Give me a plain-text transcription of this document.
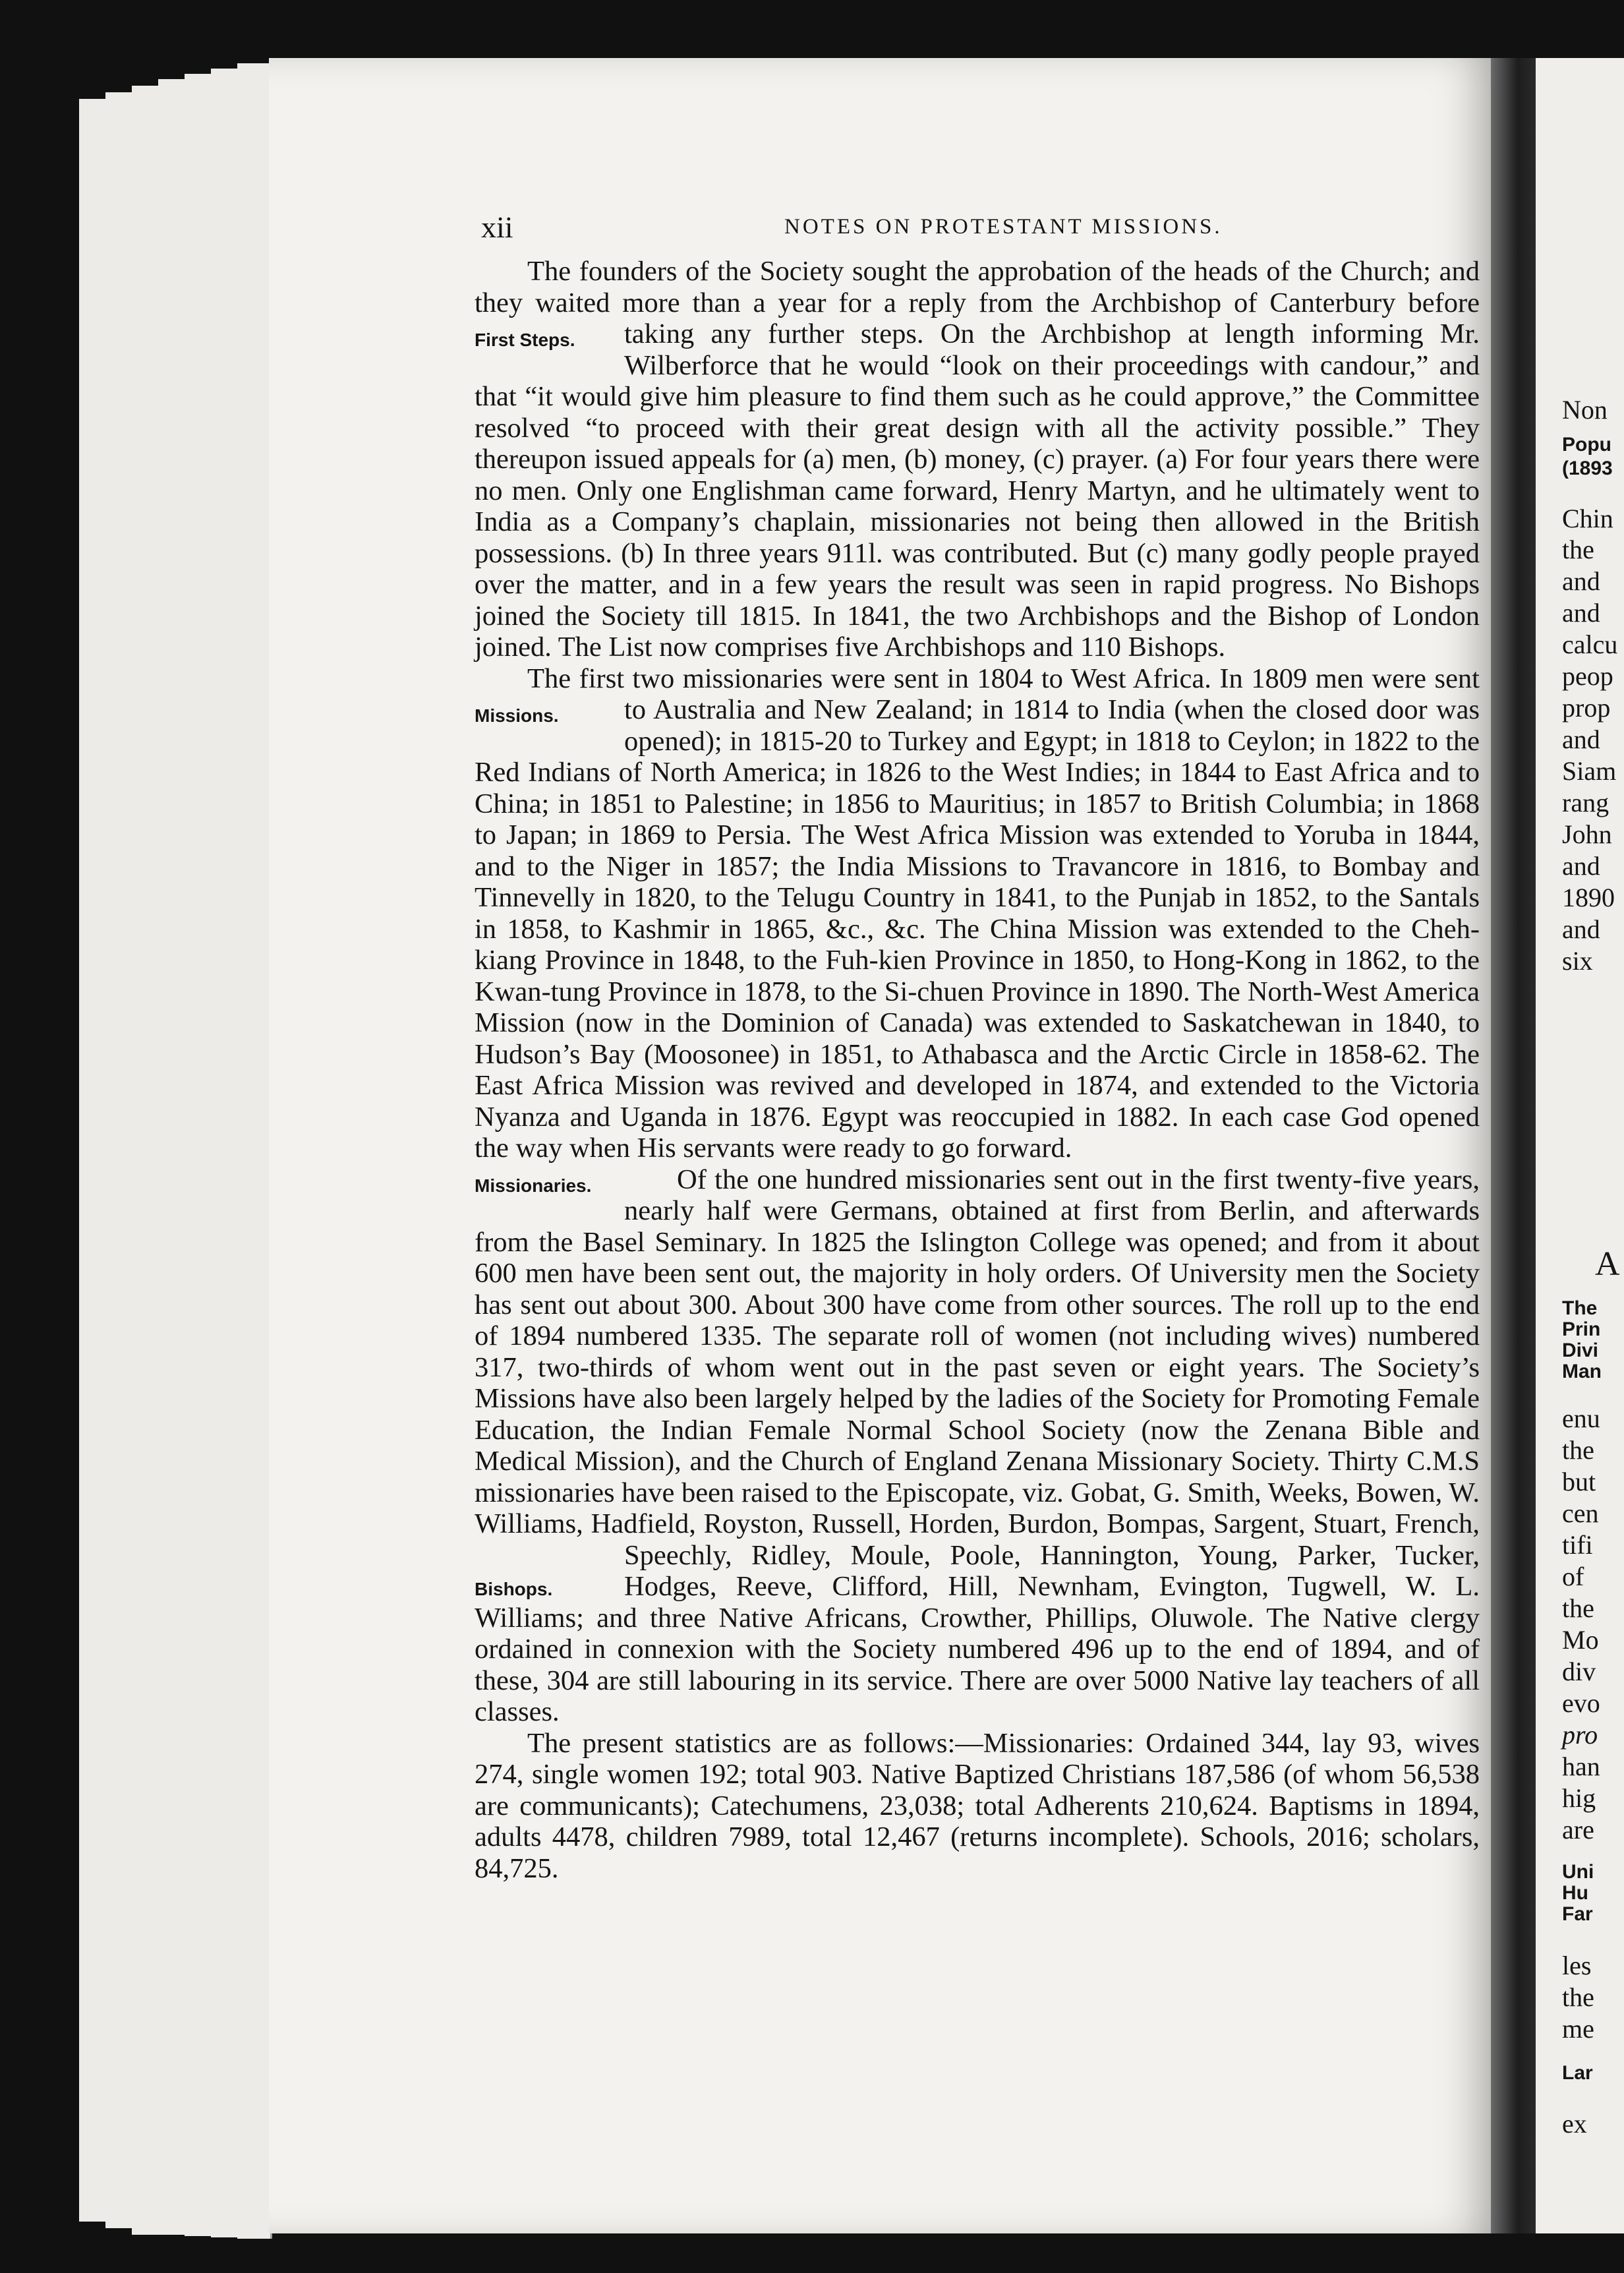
xii	NOTES ON PROTESTANT MISSIONS.

The founders of the Society sought the approbation of the heads of the Church; and they waited more than a year for a reply from the Archbishop of Canterbury before taking any further steps. On the Archbishop at length
First Steps.	informing Mr. Wilberforce that he would “look on their proceedings with candour,” and that “it would give him pleasure to find them such as he could approve,” the Committee resolved “to proceed with their great design with all the activity possible.” They thereupon issued appeals for (a) men, (b) money, (c) prayer. (a) For four years there were no men. Only one Englishman came forward, Henry Martyn, and he ultimately went to India as a Company’s chaplain, missionaries not being then allowed in the British possessions. (b) In three years 911l. was contributed. But (c) many godly people prayed over the matter, and in a few years the result was seen in rapid progress. No Bishops joined the Society till 1815. In 1841, the two Archbishops and the Bishop of London joined. The List now comprises five Archbishops and 110 Bishops.

The first two missionaries were sent in 1804 to West Africa. In 1809 men
Missions.
were sent to Australia and New Zealand; in 1814 to India (when the closed door was opened); in 1815-20 to Turkey and Egypt; in 1818 to Ceylon; in 1822 to the Red Indians of North America; in 1826 to the West Indies; in 1844 to East Africa and to China; in 1851 to Palestine; in 1856 to Mauritius; in 1857 to British Columbia; in 1868 to Japan; in 1869 to Persia. The West Africa Mission was extended to Yoruba in 1844, and to the Niger in 1857; the India Missions to Travancore in 1816, to Bombay and Tinnevelly in 1820, to the Telugu Country in 1841, to the Punjab in 1852, to the Santals in 1858, to Kashmir in 1865, &c., &c. The China Mission was extended to the Cheh-kiang Province in 1848, to the Fuh-kien Province in 1850, to Hong-Kong in 1862, to the Kwan-tung Province in 1878, to the Si-chuen Province in 1890. The North-West America Mission (now in the Dominion of Canada) was extended to Saskatchewan in 1840, to Hudson’s Bay (Moosonee) in 1851, to Athabasca and the Arctic Circle in 1858-62. The East Africa Mission was revived and developed in 1874, and extended to the Victoria Nyanza and Uganda in 1876. Egypt was reoccupied in 1882. In each case God opened the way when His servants were ready to go forward.

Of the one hundred missionaries sent out in the first twenty-five years,
Missionaries.
nearly half were Germans, obtained at first from Berlin, and afterwards from the Basel Seminary. In 1825 the Islington College was opened; and from it about 600 men have been sent out, the majority in holy orders. Of University men the Society has sent out about 300. About 300 have come from other sources. The roll up to the end of 1894 numbered 1335. The separate roll of women (not including wives) numbered 317, two-thirds of whom went out in the past seven or eight years. The Society’s Missions have also been largely helped by the ladies of the Society for Promoting Female Education, the Indian Female Normal School Society (now the Zenana Bible and Medical Mission), and the Church of England Zenana Missionary Society. Thirty C.M.S missionaries have been raised to the Episcopate, viz. Gobat, G. Smith, Weeks, Bowen, W. Williams, Hadfield, Royston, Russell, Horden, Burdon, Bompas, Sargent, Stuart, French, Speechly,
Bishops.
Ridley, Moule, Poole, Hannington, Young, Parker, Tucker, Hodges, Reeve, Clifford, Hill, Newnham, Evington, Tugwell, W. L. Williams; and three Native Africans, Crowther, Phillips, Oluwole. The Native clergy ordained in connexion with the Society numbered 496 up to the end of 1894, and of these, 304 are still labouring in its service. There are over 5000 Native lay teachers of all classes.

The present statistics are as follows:—Missionaries: Ordained 344, lay 93, wives 274, single women 192; total 903. Native Baptized Christians 187,586 (of whom 56,538 are communicants); Catechumens, 23,038; total Adherents 210,624. Baptisms in 1894, adults 4478, children 7989, total 12,467 (returns incomplete). Schools, 2016; scholars, 84,725.

Non
Popu
(1893
Chin
the
and
and
calcu
peop
prop
and
Siam
rang
John
and
1890
and
six
A
The
Prin
Divi
Man
enu
the
but
cen
tifi
of
the
Mo
div
evo
pro
han
hig
are
Uni
Hu
Far
les
the
me
Lar
ex
